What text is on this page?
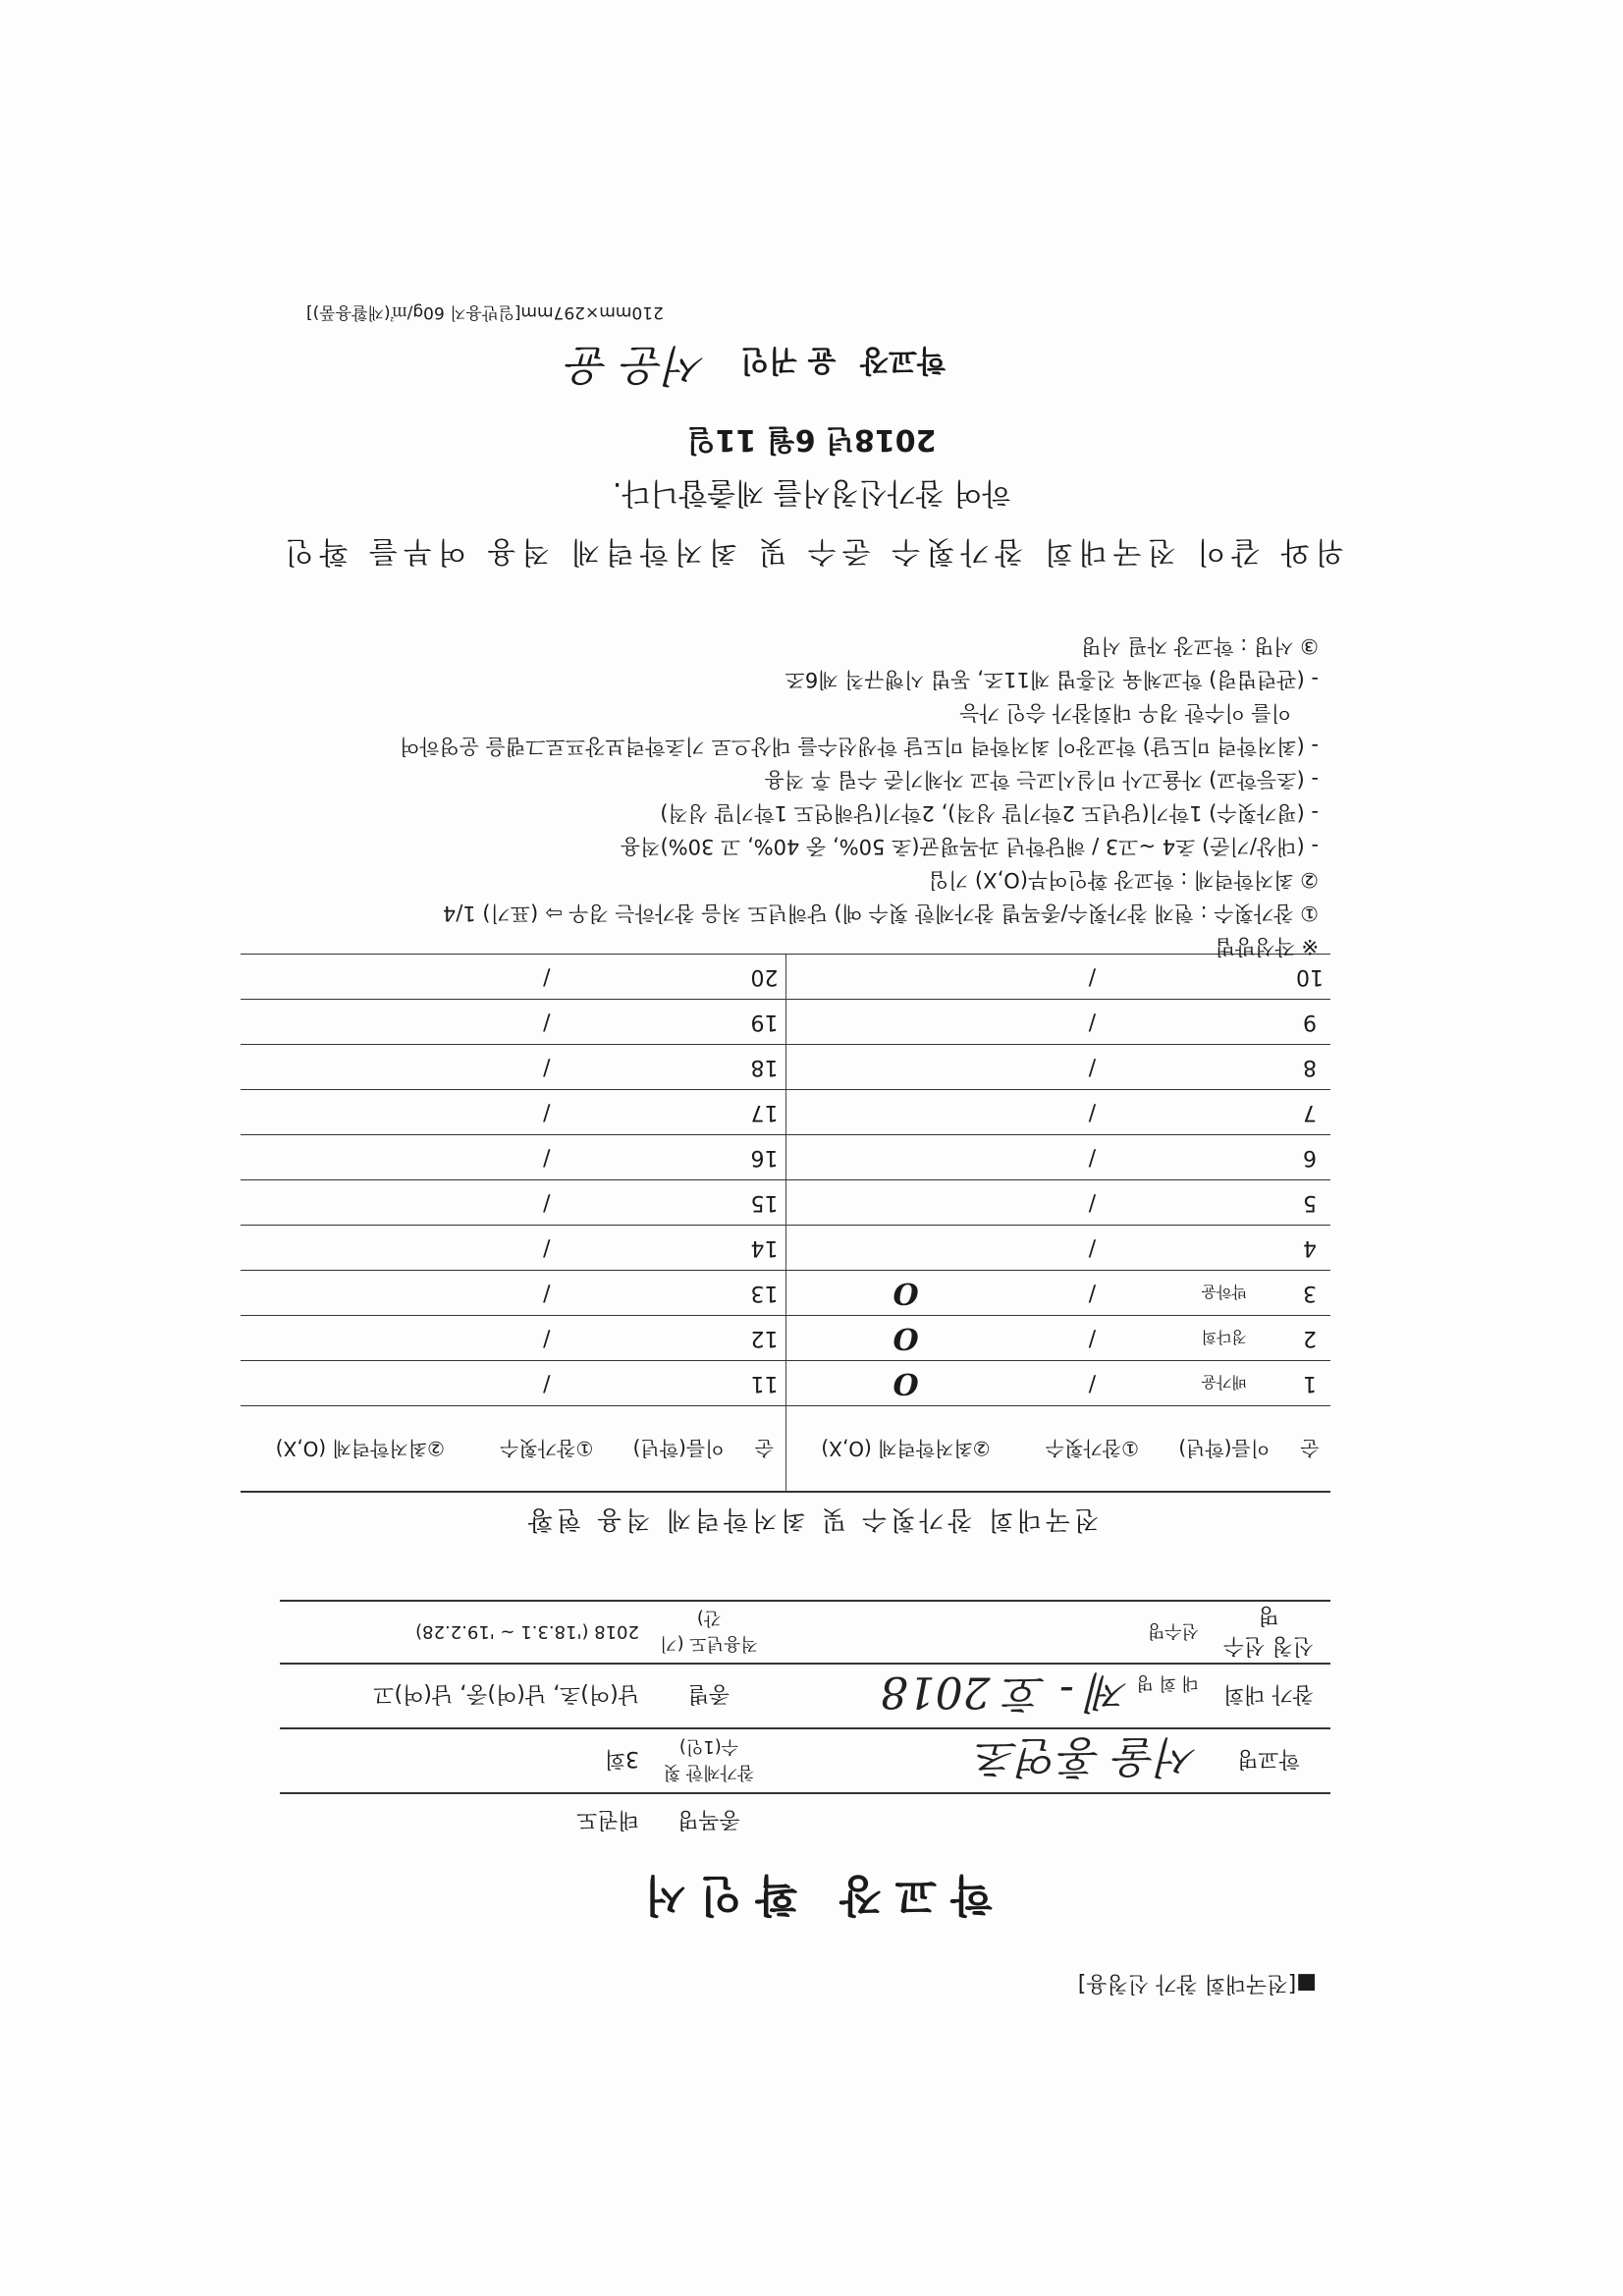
■[전국대회 참가 신청용]
학교장 확인서
		종목명	태권도
학교명	서울 홍연초	참가제한 횟수(1인)	3회
참가 대회	대 회 명 제 - 호 2018	종별	남(여)초, 남(여)중, 남(여)고
신청 선수명	선수명	적용년도 (기간)	2018 ('18.3.1 ~ '19.2.28)
전국대회 참가횟수 및 최저학력제 적용 현황
순	이름(학년)	①참가횟수	②최저학력제 (O,X)	순	이름(학년)	①참가횟수	②최저학력제 (O,X)
1	배가윤	/	O	11		/	
2	정다희	/	O	12		/	
3	박하윤	/	O	13		/	
4		/		14		/	
5		/		15		/	
6		/		16		/	
7		/		17		/	
8		/		18		/	
9		/		19		/	
10		/		20		/	
※ 작성방법
① 참가횟수 : 현재 참가횟수/종목별 참가제한 횟수 예) 당해년도 처음 참가하는 경우 ⇨ (표기) 1/4
② 최저학력제 : 학교장 확인여부(O,X) 기입
- (대상/기준) 초4 ~고3 / 해당학년 과목평균(초 50%, 중 40%, 고 30%)적용
- (평가횟수) 1학기(당년도 2학기말 성적), 2학기(당해연도 1학기말 성적)
- (초등학교) 자율고사 미실시교는 학교 자체기준 수립 후 적용
- (최저학력 미도달) 학교장이 최저학력 미도달 학생선수를 대상으로 기초학력보장프로그램을 운영하여
이를 이수한 경우 대회참가 승인 가능
- (관련법령) 학교체육 진흥법 제11조, 동법 시행규칙 제6조
③ 서명 : 학교장 자필 서명
위와 같이 전국대회 참가횟수 준수 및 최저학력제 적용 여부를 확인
하여 참가신청서를 제출합니다.
2018년 6월 11일
학교장 윤 귀인 서운 윤
210mm×297mm[일반용지 60g/㎡(재활용품)]
